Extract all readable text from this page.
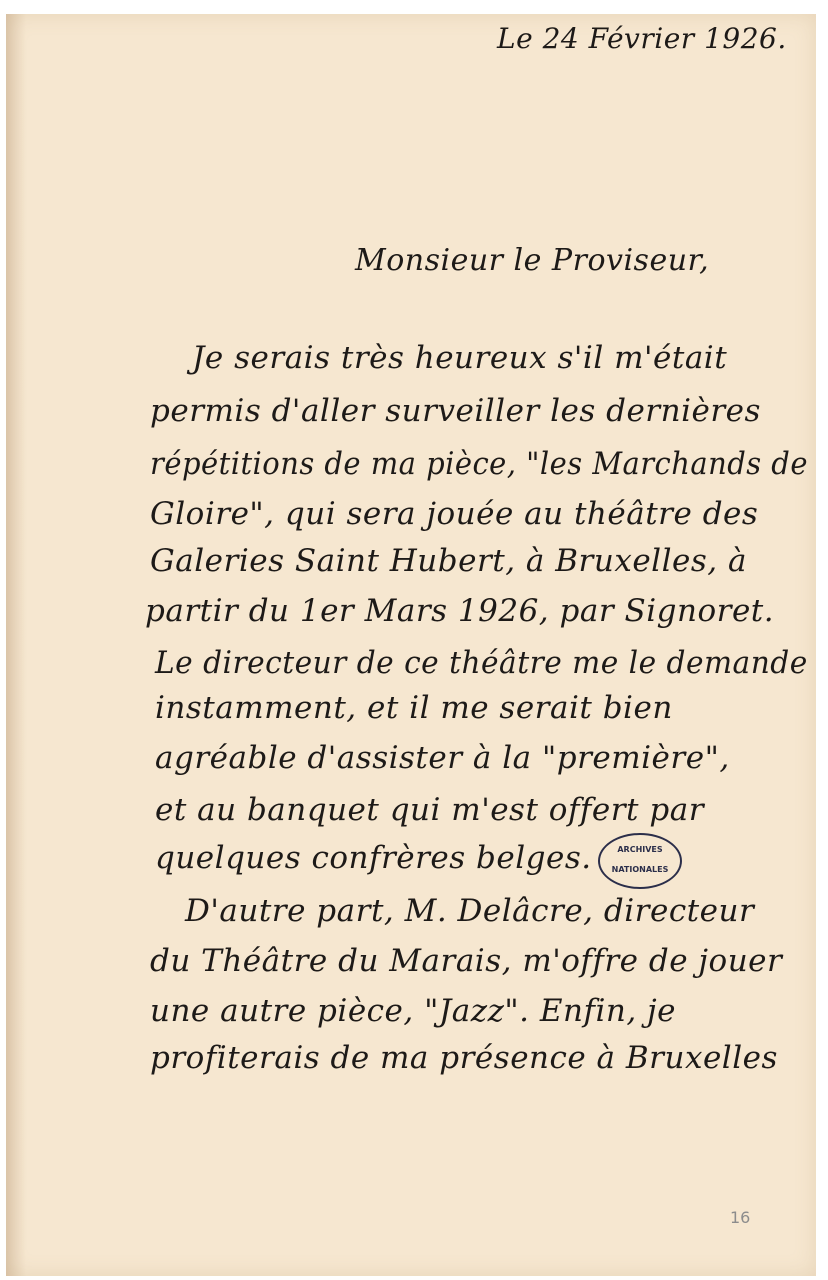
Le 24 Février 1926.
Monsieur le Proviseur,
Je serais très heureux s'il m'était
permis d'aller surveiller les dernières
répétitions de ma pièce, "les Marchands de
Gloire", qui sera jouée au théâtre des
Galeries Saint Hubert, à Bruxelles, à
partir du 1er Mars 1926, par Signoret.
Le directeur de ce théâtre me le demande
instamment, et il me serait bien
agréable d'assister à la "première",
et au banquet qui m'est offert par
quelques confrères belges.
D'autre part, M. Delâcre, directeur
du Théâtre du Marais, m'offre de jouer
une autre pièce, "Jazz". Enfin, je
profiterais de ma présence à Bruxelles
ARCHIVES
NATIONALES
16
